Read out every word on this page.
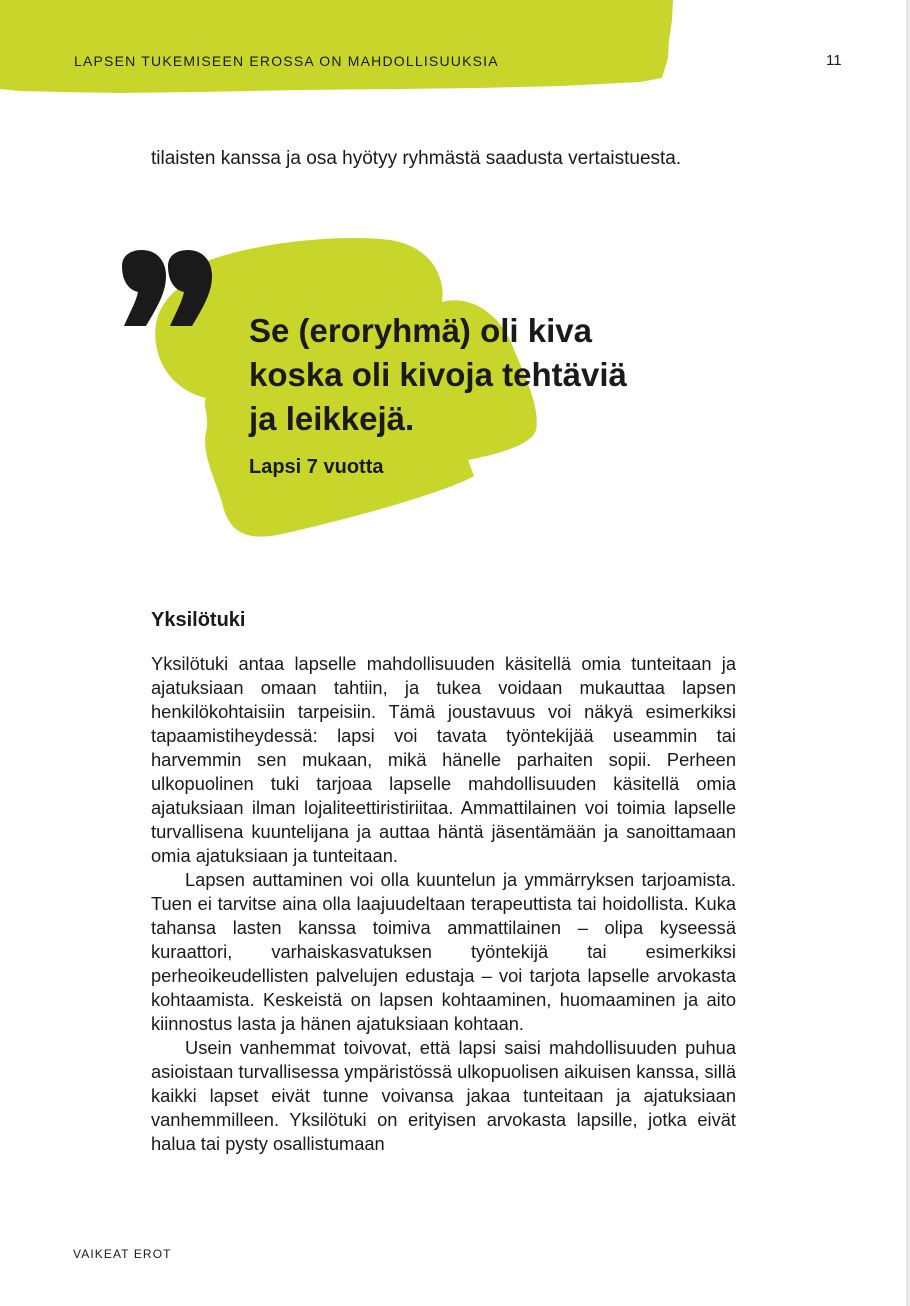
LAPSEN TUKEMISEEN EROSSA ON MAHDOLLISUUKSIA	11
tilaisten kanssa ja osa hyötyy ryhmästä saadusta vertaistuesta.
Se (eroryhmä) oli kiva
koska oli kivoja tehtäviä
ja leikkejä.
Lapsi 7 vuotta
Yksilötuki

Yksilötuki antaa lapselle mahdollisuuden käsitellä omia tunteitaan ja ajatuksiaan omaan tahtiin, ja tukea voidaan mukauttaa lapsen henkilökohtaisiin tarpeisiin. Tämä joustavuus voi näkyä esimerkiksi tapaamistiheydessä: lapsi voi tavata työntekijää useammin tai harvemmin sen mukaan, mikä hänelle parhaiten sopii. Perheen ulkopuolinen tuki tarjoaa lapselle mahdollisuuden käsitellä omia ajatuksiaan ilman lojaliteettiristiriitaa. Ammattilainen voi toimia lapselle turvallisena kuuntelijana ja auttaa häntä jäsentämään ja sanoittamaan omia ajatuksiaan ja tunteitaan.

Lapsen auttaminen voi olla kuuntelun ja ymmärryksen tarjoamista. Tuen ei tarvitse aina olla laajuudeltaan terapeuttista tai hoidollista. Kuka tahansa lasten kanssa toimiva ammattilainen – olipa kyseessä kuraattori, varhaiskasvatuksen työntekijä tai esimerkiksi perheoikeudellisten palvelujen edustaja – voi tarjota lapselle arvokasta kohtaamista. Keskeistä on lapsen kohtaaminen, huomaaminen ja aito kiinnostus lasta ja hänen ajatuksiaan kohtaan.

Usein vanhemmat toivovat, että lapsi saisi mahdollisuuden puhua asioistaan turvallisessa ympäristössä ulkopuolisen aikuisen kanssa, sillä kaikki lapset eivät tunne voivansa jakaa tunteitaan ja ajatuksiaan vanhemmilleen. Yksilötuki on erityisen arvokasta lapsille, jotka eivät halua tai pysty osallistumaan

VAIKEAT EROT
